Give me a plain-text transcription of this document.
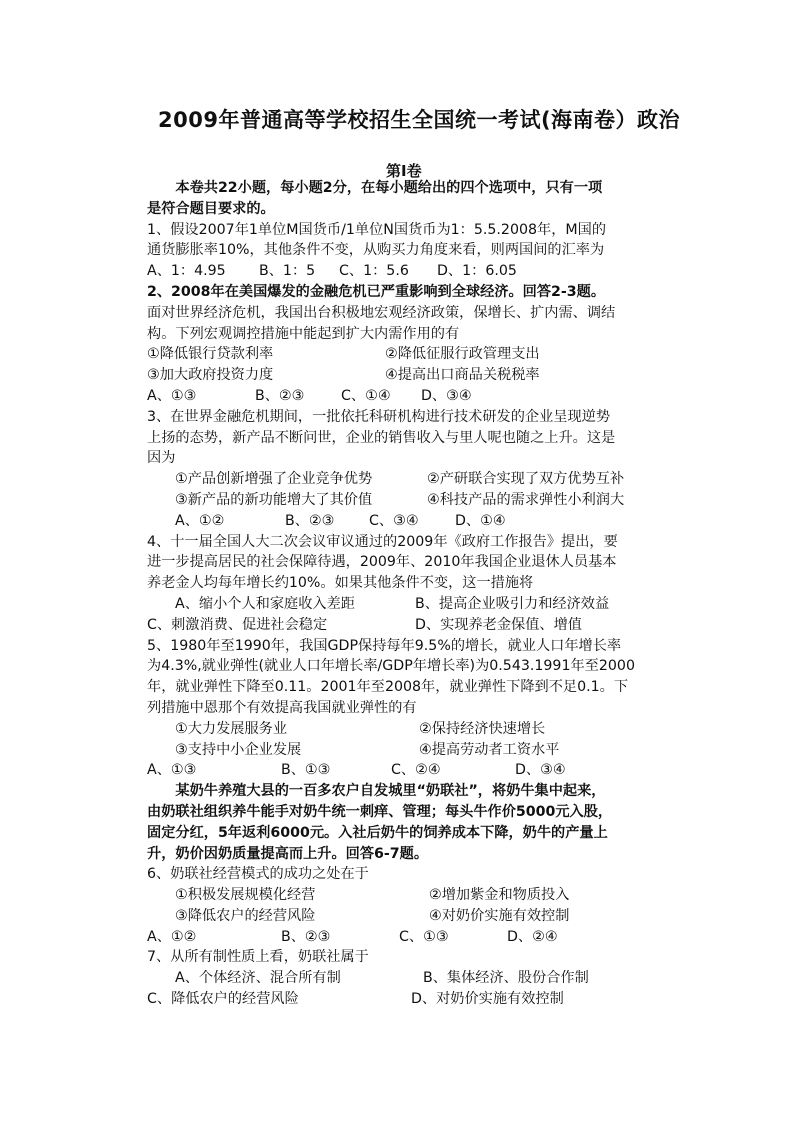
2009年普通高等学校招生全国统一考试(海南卷）政治
第I卷
　　本卷共22小题，每小题2分，在每小题给出的四个选项中，只有一项
是符合题目要求的。
1、假设2007年1单位M国货币/1单位N国货币为1：5.5.2008年，M国的
通货膨胀率10%，其他条件不变，从购买力角度来看，则两国间的汇率为
A、1：4.95 B、1：5 C、1：5.6 D、1：6.05
2、2008年在美国爆发的金融危机已严重影响到全球经济。回答2-3题。
面对世界经济危机，我国出台积极地宏观经济政策，保增长、扩内需、调结
构。下列宏观调控措施中能起到扩大内需作用的有
①降低银行贷款利率	②降低征服行政管理支出
③加大政府投资力度	④提高出口商品关税税率
A、①③	B、②③	C、①④ D、③④
3、在世界金融危机期间，一批依托科研机构进行技术研发的企业呈现逆势
上扬的态势，新产品不断问世，企业的销售收入与里人呢也随之上升。这是
因为
①产品创新增强了企业竞争优势	②产研联合实现了双方优势互补
③新产品的新功能增大了其价值	④科技产品的需求弹性小利润大
A、①②	B、②③ C、③④	D、①④
4、十一届全国人大二次会议审议通过的2009年《政府工作报告》提出，要
进一步提高居民的社会保障待遇，2009年、2010年我国企业退休人员基本
养老金人均每年增长约10%。如果其他条件不变，这一措施将
A、缩小个人和家庭收入差距	B、提高企业吸引力和经济效益
C、刺激消费、促进社会稳定	D、实现养老金保值、增值
5、1980年至1990年，我国GDP保持每年9.5%的增长，就业人口年增长率
为4.3%,就业弹性(就业人口年增长率/GDP年增长率)为0.543.1991年至2000
年，就业弹性下降至0.11。2001年至2008年，就业弹性下降到不足0.1。下
列措施中恩那个有效提高我国就业弹性的有
①大力发展服务业	②保持经济快速增长
③支持中小企业发展	④提高劳动者工资水平
A、①③	B、①③	C、②④	D、③④
　　某奶牛养殖大县的一百多农户自发城里“奶联社”，将奶牛集中起来，
由奶联社组织养牛能手对奶牛统一刺痒、管理；每头牛作价5000元入股，
固定分红，5年返利6000元。入社后奶牛的饲养成本下降，奶牛的产量上
升，奶价因奶质量提高而上升。回答6-7题。
6、奶联社经营模式的成功之处在于
①积极发展规模化经营	②增加紫金和物质投入
③降低农户的经营风险	④对奶价实施有效控制
A、①②	B、②③	C、①③	D、②④
7、从所有制性质上看，奶联社属于
A、个体经济、混合所有制	B、集体经济、股份合作制
C、降低农户的经营风险	D、对奶价实施有效控制
